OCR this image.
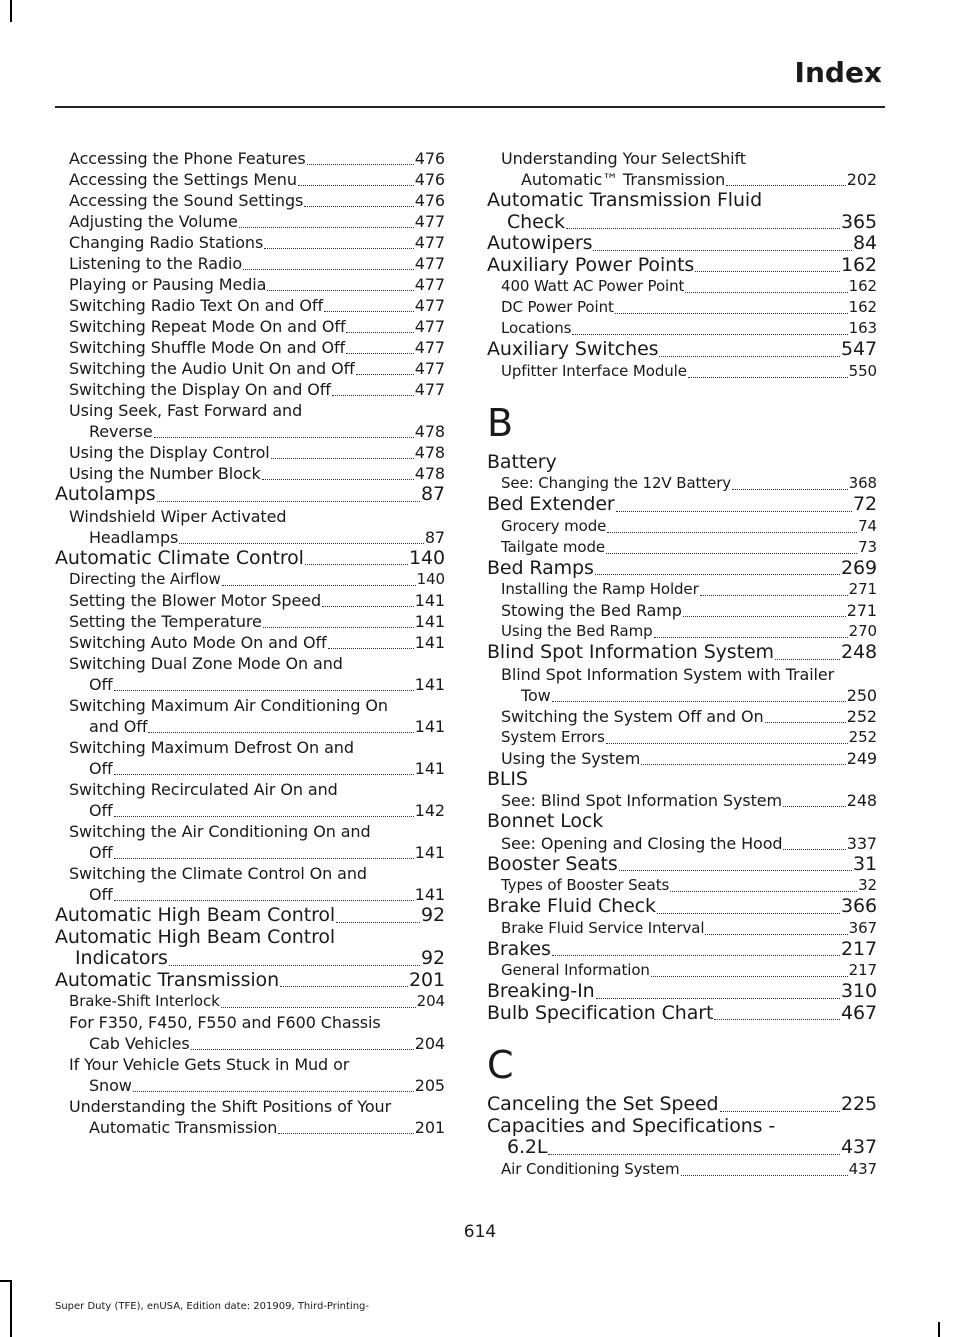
Index
Accessing the Phone Features	476
Accessing the Settings Menu	476
Accessing the Sound Settings	476
Adjusting the Volume	477
Changing Radio Stations	477
Listening to the Radio	477
Playing or Pausing Media	477
Switching Radio Text On and Off	477
Switching Repeat Mode On and Off	477
Switching Shuffle Mode On and Off	477
Switching the Audio Unit On and Off	477
Switching the Display On and Off	477
Using Seek, Fast Forward and
Reverse	478
Using the Display Control	478
Using the Number Block	478
Autolamps	87
Windshield Wiper Activated
Headlamps	87
Automatic Climate Control	140
Directing the Airflow	140
Setting the Blower Motor Speed	141
Setting the Temperature	141
Switching Auto Mode On and Off	141
Switching Dual Zone Mode On and
Off	141
Switching Maximum Air Conditioning On
and Off	141
Switching Maximum Defrost On and
Off	141
Switching Recirculated Air On and
Off	142
Switching the Air Conditioning On and
Off	141
Switching the Climate Control On and
Off	141
Automatic High Beam Control	92
Automatic High Beam Control
Indicators	92
Automatic Transmission	201
Brake-Shift Interlock	204
For F350, F450, F550 and F600 Chassis
Cab Vehicles	204
If Your Vehicle Gets Stuck in Mud or
Snow	205
Understanding the Shift Positions of Your
Automatic Transmission	201
Understanding Your SelectShift
Automatic™ Transmission	202
Automatic Transmission Fluid
Check	365
Autowipers	84
Auxiliary Power Points	162
400 Watt AC Power Point	162
DC Power Point	162
Locations	163
Auxiliary Switches	547
Upfitter Interface Module	550
B
Battery
See: Changing the 12V Battery	368
Bed Extender	72
Grocery mode	74
Tailgate mode	73
Bed Ramps	269
Installing the Ramp Holder	271
Stowing the Bed Ramp	271
Using the Bed Ramp	270
Blind Spot Information System	248
Blind Spot Information System with Trailer
Tow	250
Switching the System Off and On	252
System Errors	252
Using the System	249
BLIS
See: Blind Spot Information System	248
Bonnet Lock
See: Opening and Closing the Hood	337
Booster Seats	31
Types of Booster Seats	32
Brake Fluid Check	366
Brake Fluid Service Interval	367
Brakes	217
General Information	217
Breaking-In	310
Bulb Specification Chart	467
C
Canceling the Set Speed	225
Capacities and Specifications -
6.2L	437
Air Conditioning System	437
614
Super Duty (TFE), enUSA, Edition date: 201909, Third-Printing-
